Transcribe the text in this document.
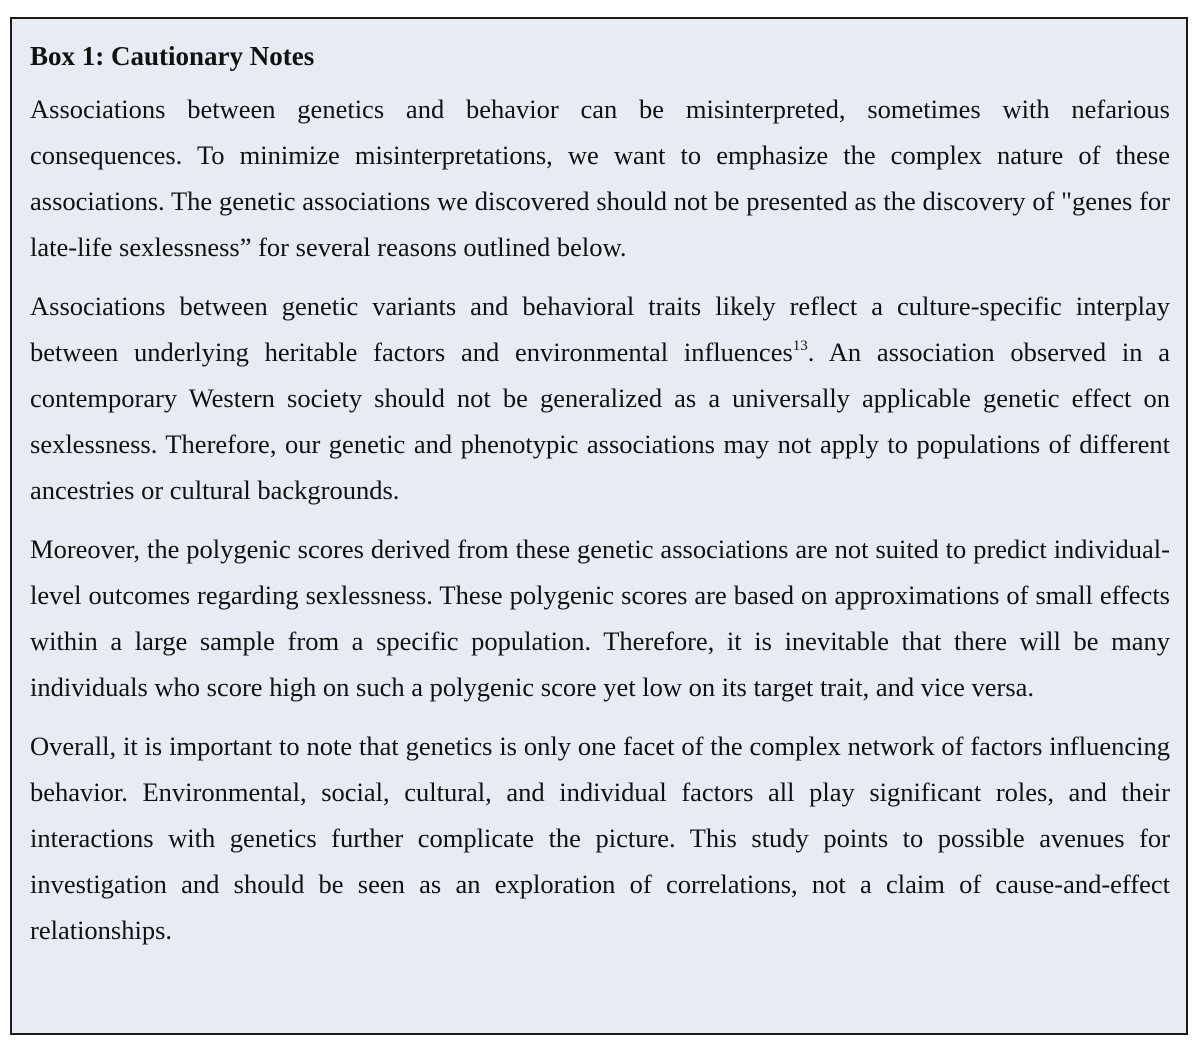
Box 1: Cautionary Notes

Associations between genetics and behavior can be misinterpreted, sometimes with nefarious consequences. To minimize misinterpretations, we want to emphasize the complex nature of these associations. The genetic associations we discovered should not be presented as the discovery of "genes for late-life sexlessness” for several reasons outlined below.

Associations between genetic variants and behavioral traits likely reflect a culture-specific interplay between underlying heritable factors and environmental influences$^{13}$. An association observed in a contemporary Western society should not be generalized as a universally applicable genetic effect on sexlessness. Therefore, our genetic and phenotypic associations may not apply to populations of different ancestries or cultural backgrounds.

Moreover, the polygenic scores derived from these genetic associations are not suited to predict individual-level outcomes regarding sexlessness. These polygenic scores are based on approximations of small effects within a large sample from a specific population. Therefore, it is inevitable that there will be many individuals who score high on such a polygenic score yet low on its target trait, and vice versa.

Overall, it is important to note that genetics is only one facet of the complex network of factors influencing behavior. Environmental, social, cultural, and individual factors all play significant roles, and their interactions with genetics further complicate the picture. This study points to possible avenues for investigation and should be seen as an exploration of correlations, not a claim of cause-and-effect relationships.
